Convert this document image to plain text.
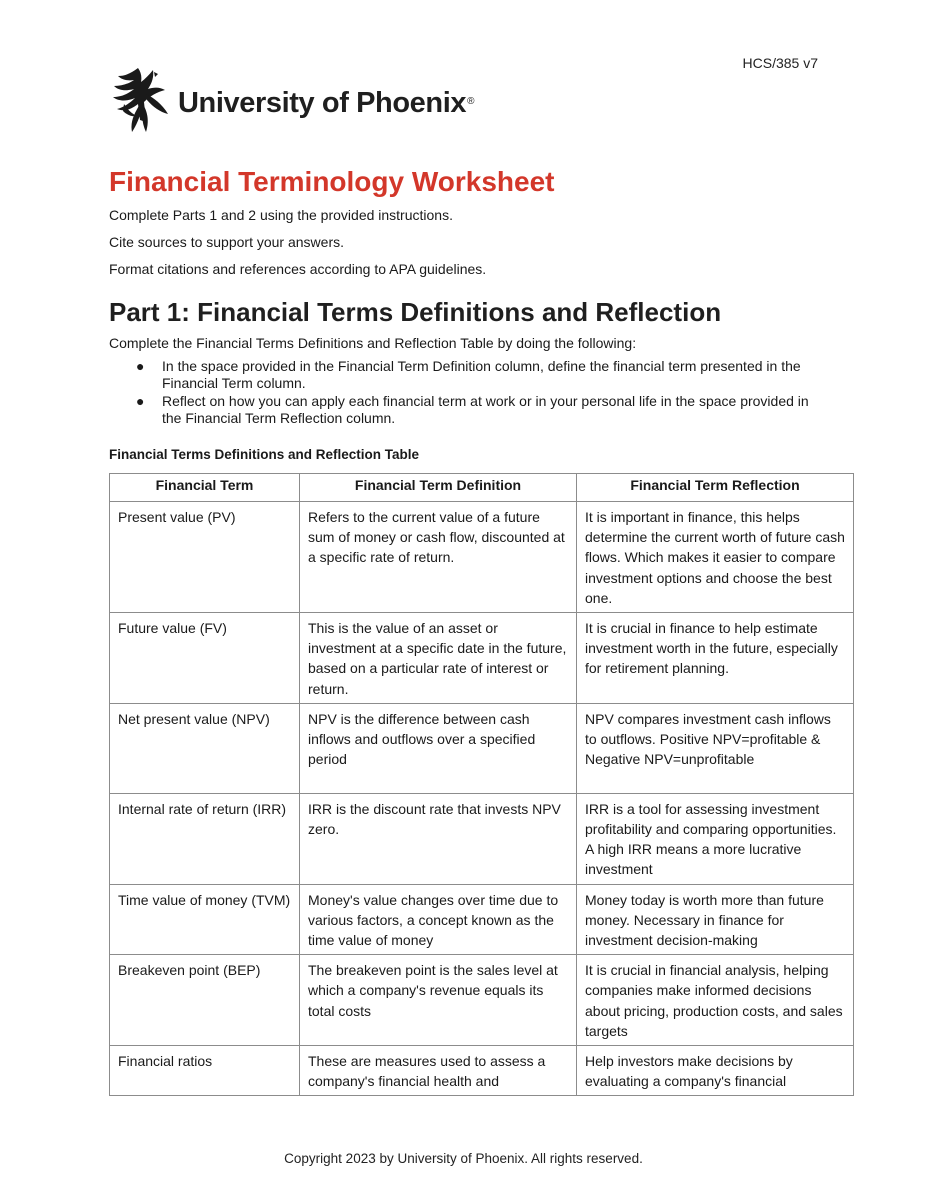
HCS/385 v7
University of Phoenix®
Financial Terminology Worksheet
Complete Parts 1 and 2 using the provided instructions.
Cite sources to support your answers.
Format citations and references according to APA guidelines.
Part 1: Financial Terms Definitions and Reflection

Complete the Financial Terms Definitions and Reflection Table by doing the following:

● In the space provided in the Financial Term Definition column, define the financial term presented in the Financial Term column.
● Reflect on how you can apply each financial term at work or in your personal life in the space provided in the Financial Term Reflection column.

Financial Terms Definitions and Reflection Table

Financial Term	Financial Term Definition	Financial Term Reflection
Present value (PV)	Refers to the current value of a future sum of money or cash flow, discounted at a specific rate of return.	It is important in finance, this helps determine the current worth of future cash flows. Which makes it easier to compare investment options and choose the best one.
Future value (FV)	This is the value of an asset or investment at a specific date in the future, based on a particular rate of interest or return.	It is crucial in finance to help estimate investment worth in the future, especially for retirement planning.
Net present value (NPV)	NPV is the difference between cash inflows and outflows over a specified period	NPV compares investment cash inflows to outflows. Positive NPV=profitable & Negative NPV=unprofitable
Internal rate of return (IRR)	IRR is the discount rate that invests NPV zero.	IRR is a tool for assessing investment profitability and comparing opportunities. A high IRR means a more lucrative investment
Time value of money (TVM)	Money's value changes over time due to various factors, a concept known as the time value of money	Money today is worth more than future money. Necessary in finance for investment decision-making
Breakeven point (BEP)	The breakeven point is the sales level at which a company's revenue equals its total costs	It is crucial in financial analysis, helping companies make informed decisions about pricing, production costs, and sales targets
Financial ratios	These are measures used to assess a company's financial health and	Help investors make decisions by evaluating a company's financial
Copyright 2023 by University of Phoenix. All rights reserved.
